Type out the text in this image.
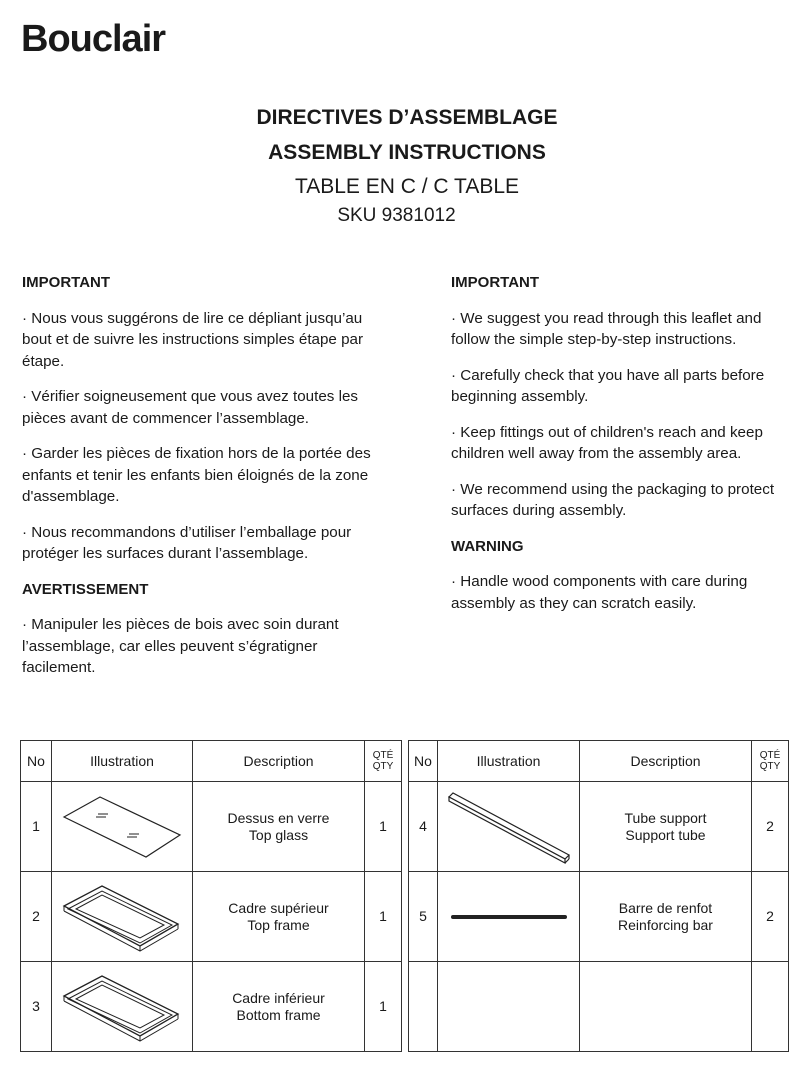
Bouclair
DIRECTIVES D’ASSEMBLAGE
ASSEMBLY INSTRUCTIONS
TABLE EN C / C TABLE
SKU 9381012
IMPORTANT
· Nous vous suggérons de lire ce dépliant jusqu’au bout et de suivre les instructions simples étape par étape.
· Vérifier soigneusement que vous avez toutes les pièces avant de commencer l’assemblage.
· Garder les pièces de fixation hors de la portée des enfants et tenir les enfants bien éloignés de la zone d'assemblage.
· Nous recommandons d’utiliser l’emballage pour protéger les surfaces durant l’assemblage.
AVERTISSEMENT
· Manipuler les pièces de bois avec soin durant l’assemblage, car elles peuvent s’égratigner facilement.
IMPORTANT
· We suggest you read through this leaflet and follow the simple step-by-step instructions.
· Carefully check that you have all parts before beginning assembly.
· Keep fittings out of children's reach and keep children well away from the assembly area.
· We recommend using the packaging to protect surfaces during assembly.
WARNING
· Handle wood components with care during assembly as they can scratch easily.
No	Illustration	Description	QTÉ
QTY
1		Dessus en verre
Top glass	1
2		Cadre supérieur
Top frame	1
3		Cadre inférieur
Bottom frame	1
No	Illustration	Description	QTÉ
QTY
4		Tube support
Support tube	2
5		Barre de renfot
Reinforcing bar	2
